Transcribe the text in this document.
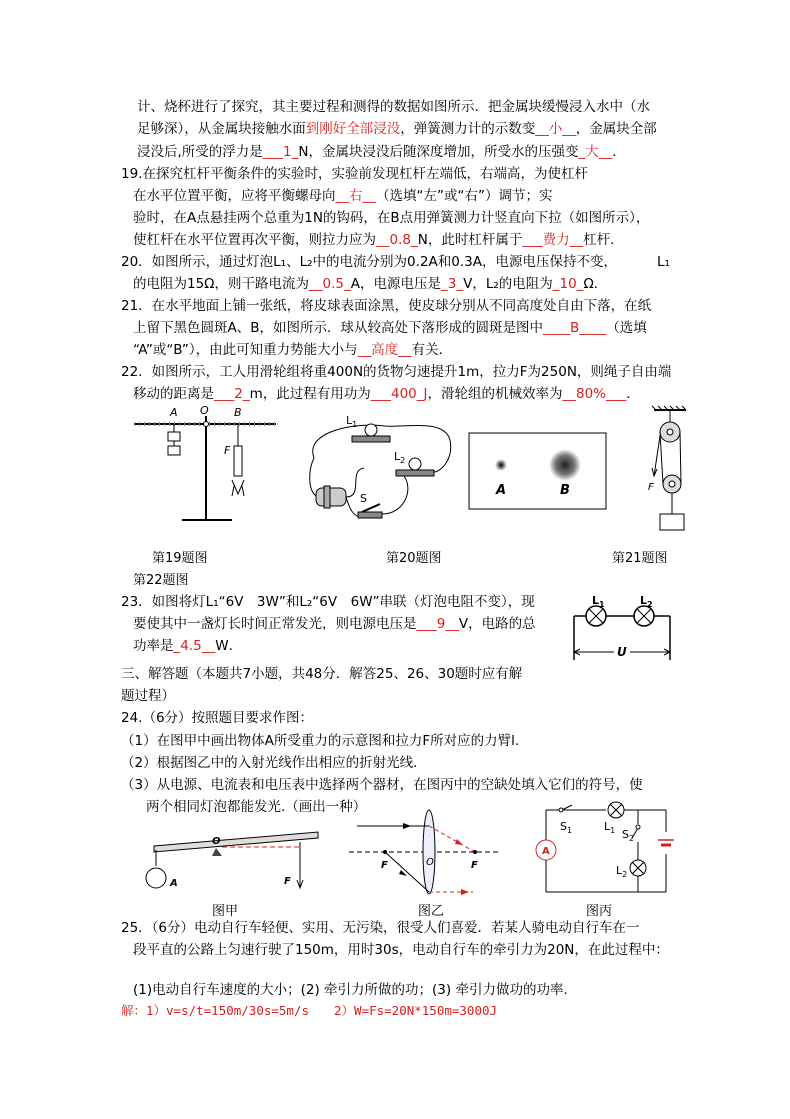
计、烧杯进行了探究，其主要过程和测得的数据如图所示．把金属块缓慢浸入水中（水
足够深），从金属块接触水面到刚好全部浸没，弹簧测力计的示数变__小__，金属块全部
浸没后,所受的浮力是___1_N，金属块浸没后随深度增加，所受水的压强变_大__．
19.在探究杠杆平衡条件的实验时，实验前发现杠杆左端低，右端高，为使杠杆
在水平位置平衡，应将平衡螺母向__右__（选填“左”或“右”）调节；实
验时，在A点悬挂两个总重为1N的钩码，在B点用弹簧测力计竖直向下拉（如图所示），
使杠杆在水平位置再次平衡，则拉力应为__0.8_N，此时杠杆属于___费力__杠杆．
20．如图所示，通过灯泡L₁、L₂中的电流分别为0.2A和0.3A，电源电压保持不变，	L₁
的电阻为15Ω，则干路电流为__0.5_A，电源电压是_3_V，L₂的电阻为_10_Ω．
21．在水平地面上铺一张纸，将皮球表面涂黑，使皮球分别从不同高度处自由下落，在纸
上留下黑色圆斑A、B，如图所示．球从较高处下落形成的圆斑是图中____B____（选填
“A”或“B”），由此可知重力势能大小与__高度__有关．
22．如图所示，工人用滑轮组将重400N的货物匀速提升1m，拉力F为250N，则绳子自由端
移动的距离是___2_m，此过程有用功为___400_J，滑轮组的机械效率为__80%___．
A O B
F
$L_1$
$L_2$
S
A	B	F
第19题图	第20题图	第21题图
第22题图
23．如图将灯L₁“6V　3W”和L₂“6V　6W”串联（灯泡电阻不变），现
要使其中一盏灯长时间正常发光，则电源电压是___9__V，电路的总
功率是_4.5__W．
$L_1$	$L_2$
U
三、解答题（本题共7小题，共48分．解答25、26、30题时应有解
题过程）
24.（6分）按照题目要求作图：
（1）在图甲中画出物体A所受重力的示意图和拉力F所对应的力臂l.
（2）根据图乙中的入射光线作出相应的折射光线．
（3）从电源、电流表和电压表中选择两个器材，在图丙中的空缺处填入它们的符号，使
两个相同灯泡都能发光.（画出一种）
A
O
F
F	F
O
A
$S_1$	$L_1$ $S_2$
$L_2$
图甲	图乙	图丙
25．（6分）电动自行车轻便、实用、无污染，很受人们喜爱．若某人骑电动自行车在一
段平直的公路上匀速行驶了150m，用时30s，电动自行车的牵引力为20N，在此过程中：
(1)电动自行车速度的大小；(2) 牵引力所做的功；(3) 牵引力做功的功率．
解：1）v=s/t=150m/30s=5m/s　　2）W=Fs=20N*150m=3000J
